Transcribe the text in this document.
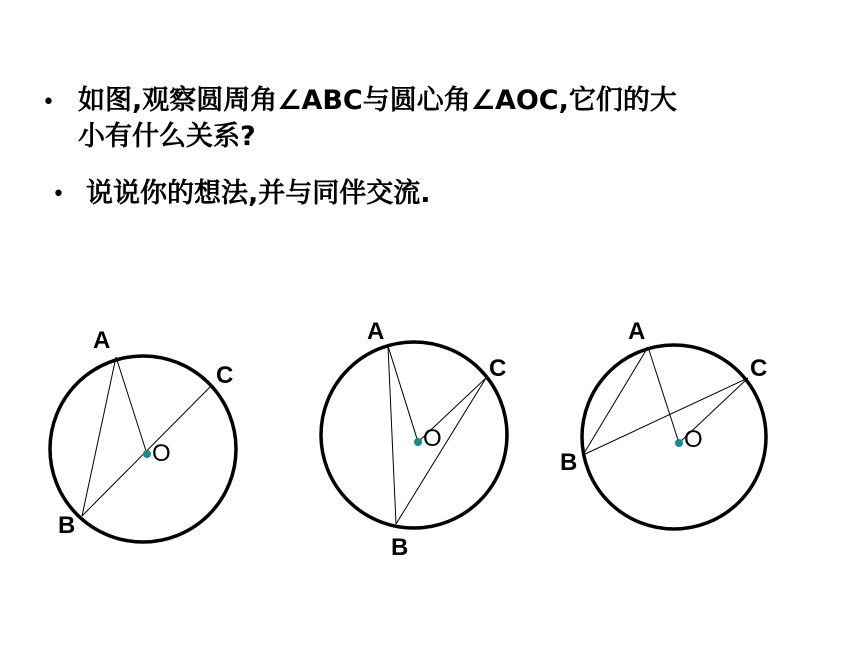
• 如图,观察圆周角∠ABC与圆心角∠AOC,它们的大
小有什么关系?
• 说说你的想法,并与同伴交流.
A
B
C
O
A
B
C
O
A
B
C
O
